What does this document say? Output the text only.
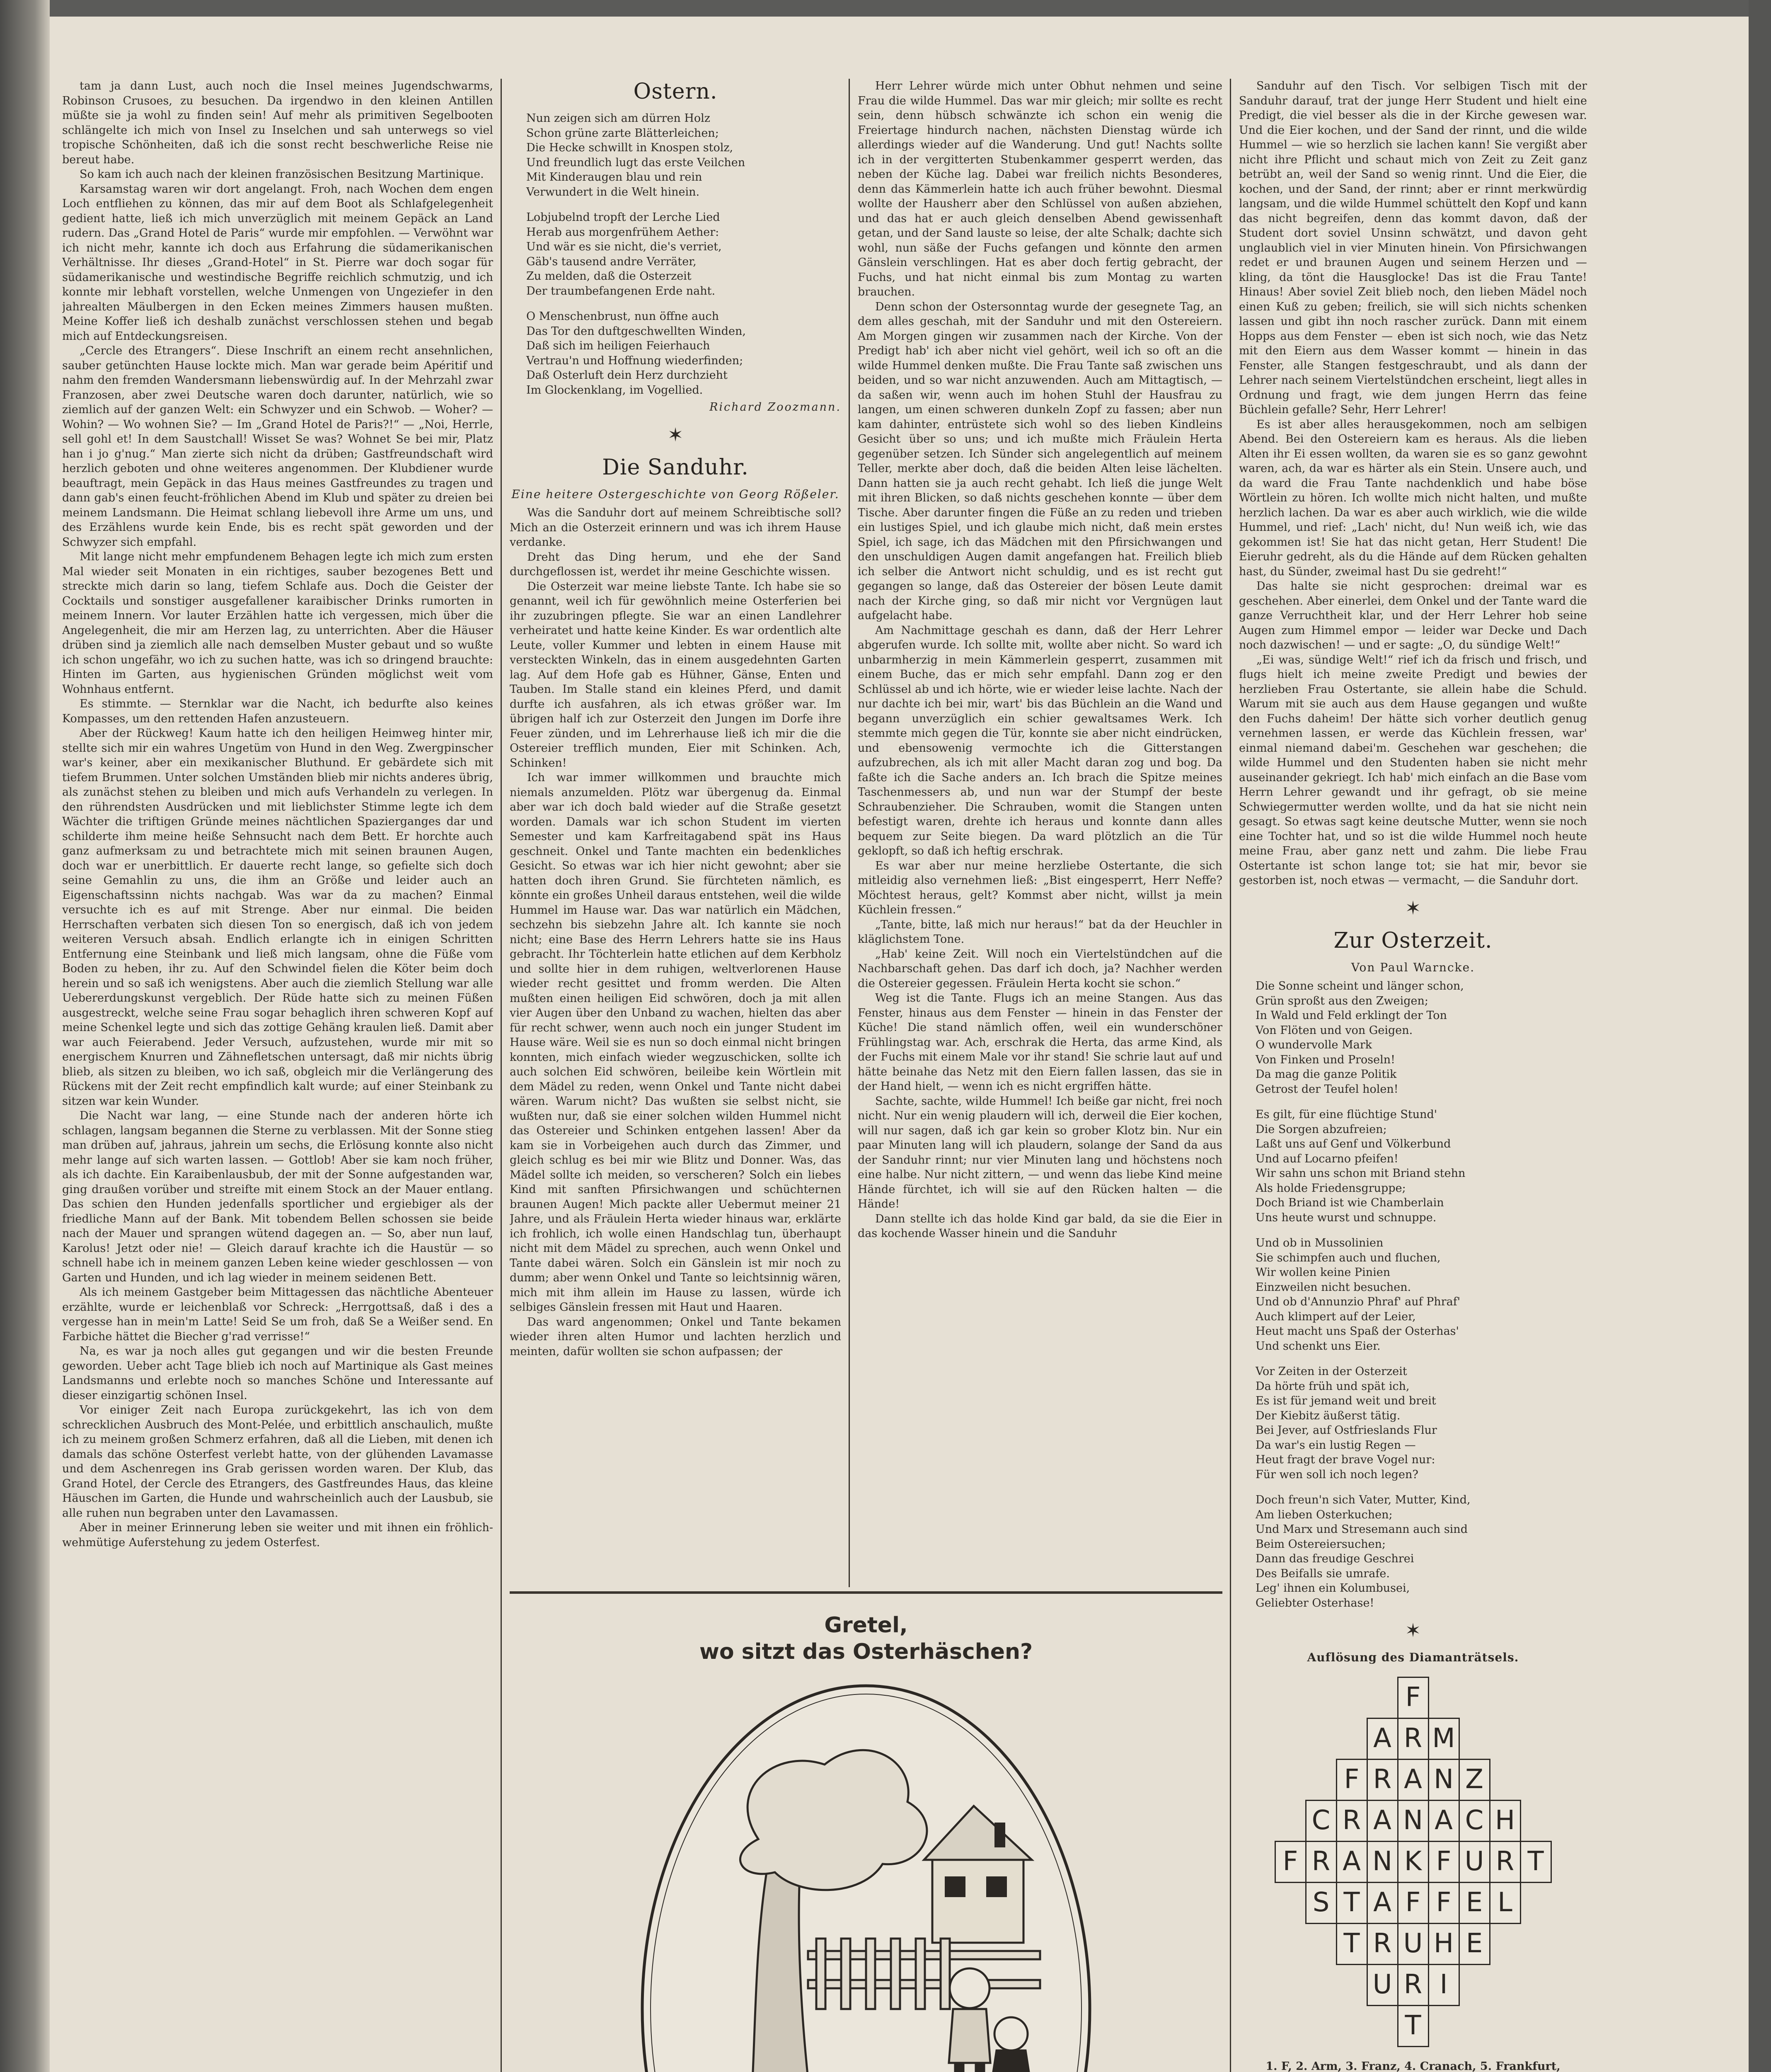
tam ja dann Lust, auch noch die Insel meines Jugendschwarms, Robinson Crusoes, zu besuchen. Da irgendwo in den kleinen Antillen müßte sie ja wohl zu finden sein! Auf mehr als primitiven Segelbooten schlängelte ich mich von Insel zu Inselchen und sah unterwegs so viel tropische Schönheiten, daß ich die sonst recht beschwerliche Reise nie bereut habe.

So kam ich auch nach der kleinen französischen Besitzung Martinique.

Karsamstag waren wir dort angelangt. Froh, nach Wochen dem engen Loch entfliehen zu können, das mir auf dem Boot als Schlafgelegenheit gedient hatte, ließ ich mich unverzüglich mit meinem Gepäck an Land rudern. Das „Grand Hotel de Paris“ wurde mir empfohlen. — Verwöhnt war ich nicht mehr, kannte ich doch aus Erfahrung die südamerikanischen Verhältnisse. Ihr dieses „Grand-Hotel“ in St. Pierre war doch sogar für südamerikanische und westindische Begriffe reichlich schmutzig, und ich konnte mir lebhaft vorstellen, welche Unmengen von Ungeziefer in den jahrealten Mäulbergen in den Ecken meines Zimmers hausen mußten. Meine Koffer ließ ich deshalb zunächst verschlossen stehen und begab mich auf Entdeckungsreisen.

„Cercle des Etrangers“. Diese Inschrift an einem recht ansehnlichen, sauber getünchten Hause lockte mich. Man war gerade beim Apéritif und nahm den fremden Wandersmann liebenswürdig auf. In der Mehrzahl zwar Franzosen, aber zwei Deutsche waren doch darunter, natürlich, wie so ziemlich auf der ganzen Welt: ein Schwyzer und ein Schwob. — Woher? —Wohin? — Wo wohnen Sie? — Im „Grand Hotel de Paris?!“ — „Noi, Herrle, sell gohl et! In dem Saustchall! Wisset Se was? Wohnet Se bei mir, Platz han i jo g'nug.“ Man zierte sich nicht da drüben; Gastfreundschaft wird herzlich geboten und ohne weiteres angenommen. Der Klubdiener wurde beauftragt, mein Gepäck in das Haus meines Gastfreundes zu tragen und dann gab's einen feucht-fröhlichen Abend im Klub und später zu dreien bei meinem Landsmann. Die Heimat schlang liebevoll ihre Arme um uns, und des Erzählens wurde kein Ende, bis es recht spät geworden und der Schwyzer sich empfahl.

Mit lange nicht mehr empfundenem Behagen legte ich mich zum ersten Mal wieder seit Monaten in ein richtiges, sauber bezogenes Bett und streckte mich darin so lang, tiefem Schlafe aus. Doch die Geister der Cocktails und sonstiger ausgefallener karaibischer Drinks rumorten in meinem Innern. Vor lauter Erzählen hatte ich vergessen, mich über die Angelegenheit, die mir am Herzen lag, zu unterrichten. Aber die Häuser drüben sind ja ziemlich alle nach demselben Muster gebaut und so wußte ich schon ungefähr, wo ich zu suchen hatte, was ich so dringend brauchte: Hinten im Garten, aus hygienischen Gründen möglichst weit vom Wohnhaus entfernt.

Es stimmte. — Sternklar war die Nacht, ich bedurfte also keines Kompasses, um den rettenden Hafen anzusteuern.

Aber der Rückweg! Kaum hatte ich den heiligen Heimweg hinter mir, stellte sich mir ein wahres Ungetüm von Hund in den Weg. Zwergpinscher war's keiner, aber ein mexikanischer Bluthund. Er gebärdete sich mit tiefem Brummen. Unter solchen Umständen blieb mir nichts anderes übrig, als zunächst stehen zu bleiben und mich aufs Verhandeln zu verlegen. In den rührendsten Ausdrücken und mit lieblichster Stimme legte ich dem Wächter die triftigen Gründe meines nächtlichen Spazierganges dar und schilderte ihm meine heiße Sehnsucht nach dem Bett. Er horchte auch ganz aufmerksam zu und betrachtete mich mit seinen braunen Augen, doch war er unerbittlich. Er dauerte recht lange, so gefielte sich doch seine Gemahlin zu uns, die ihm an Größe und leider auch an Eigenschaftssinn nichts nachgab. Was war da zu machen? Einmal versuchte ich es auf mit Strenge. Aber nur einmal. Die beiden Herrschaften verbaten sich diesen Ton so energisch, daß ich von jedem weiteren Versuch absah. Endlich erlangte ich in einigen Schritten Entfernung eine Steinbank und ließ mich langsam, ohne die Füße vom Boden zu heben, ihr zu. Auf den Schwindel fielen die Köter beim doch herein und so saß ich wenigstens. Aber auch die ziemlich Stellung war alle Uebererdungskunst vergeblich. Der Rüde hatte sich zu meinen Füßen ausgestreckt, welche seine Frau sogar behaglich ihren schweren Kopf auf meine Schenkel legte und sich das zottige Gehäng kraulen ließ. Damit aber war auch Feierabend. Jeder Versuch, aufzustehen, wurde mir mit so energischem Knurren und Zähnefletschen untersagt, daß mir nichts übrig blieb, als sitzen zu bleiben, wo ich saß, obgleich mir die Verlängerung des Rückens mit der Zeit recht empfindlich kalt wurde; auf einer Steinbank zu sitzen war kein Wunder.

Die Nacht war lang, — eine Stunde nach der anderen hörte ich schlagen, langsam begannen die Sterne zu verblassen. Mit der Sonne stieg man drüben auf, jahraus, jahrein um sechs, die Erlösung konnte also nicht mehr lange auf sich warten lassen. — Gottlob! Aber sie kam noch früher, als ich dachte. Ein Karaibenlausbub, der mit der Sonne aufgestanden war, ging draußen vorüber und streifte mit einem Stock an der Mauer entlang. Das schien den Hunden jedenfalls sportlicher und ergiebiger als der friedliche Mann auf der Bank. Mit tobendem Bellen schossen sie beide nach der Mauer und sprangen wütend dagegen an. — So, aber nun lauf, Karolus! Jetzt oder nie! — Gleich darauf krachte ich die Haustür — so schnell habe ich in meinem ganzen Leben keine wieder geschlossen — von Garten und Hunden, und ich lag wieder in meinem seidenen Bett.

Als ich meinem Gastgeber beim Mittagessen das nächtliche Abenteuer erzählte, wurde er leichenblaß vor Schreck: „Herrgottsaß, daß i des a vergesse han in mein'm Latte! Seid Se um froh, daß Se a Weißer send. En Farbiche hättet die Biecher g'rad verrisse!“

Na, es war ja noch alles gut gegangen und wir die besten Freunde geworden. Ueber acht Tage blieb ich noch auf Martinique als Gast meines Landsmanns und erlebte noch so manches Schöne und Interessante auf dieser einzigartig schönen Insel.

Vor einiger Zeit nach Europa zurückgekehrt, las ich von dem schrecklichen Ausbruch des Mont-Pelée, und erbittlich anschaulich, mußte ich zu meinem großen Schmerz erfahren, daß all die Lieben, mit denen ich damals das schöne Osterfest verlebt hatte, von der glühenden Lavamasse und dem Aschenregen ins Grab gerissen worden waren. Der Klub, das Grand Hotel, der Cercle des Etrangers, des Gastfreundes Haus, das kleine Häuschen im Garten, die Hunde und wahrscheinlich auch der Lausbub, sie alle ruhen nun begraben unter den Lavamassen.

Aber in meiner Erinnerung leben sie weiter und mit ihnen ein fröhlich-wehmütige Auferstehung zu jedem Osterfest.

Ostern.

Nun zeigen sich am dürren Holz

Schon grüne zarte Blätterleichen;

Die Hecke schwillt in Knospen stolz,

Und freundlich lugt das erste Veilchen

Mit Kinderaugen blau und rein

Verwundert in die Welt hinein.

Lobjubelnd tropft der Lerche Lied

Herab aus morgenfrühem Aether:

Und wär es sie nicht, die's verriet,

Gäb's tausend andre Verräter,

Zu melden, daß die Osterzeit

Der traumbefangenen Erde naht.

O Menschenbrust, nun öffne auch

Das Tor den duftgeschwellten Winden,

Daß sich im heiligen Feierhauch

Vertrau'n und Hoffnung wiederfinden;

Daß Osterluft dein Herz durchzieht

Im Glockenklang, im Vogellied.

Richard Zoozmann.
✶
Die Sanduhr.
Eine heitere Ostergeschichte von Georg Rößeler.

Was die Sanduhr dort auf meinem Schreibtische soll? Mich an die Osterzeit erinnern und was ich ihrem Hause verdanke.

Dreht das Ding herum, und ehe der Sand durchgeflossen ist, werdet ihr meine Geschichte wissen.

Die Osterzeit war meine liebste Tante. Ich habe sie so genannt, weil ich für gewöhnlich meine Osterferien bei ihr zuzubringen pflegte. Sie war an einen Landlehrer verheiratet und hatte keine Kinder. Es war ordentlich alte Leute, voller Kummer und lebten in einem Hause mit versteckten Winkeln, das in einem ausgedehnten Garten lag. Auf dem Hofe gab es Hühner, Gänse, Enten und Tauben. Im Stalle stand ein kleines Pferd, und damit durfte ich ausfahren, als ich etwas größer war. Im übrigen half ich zur Osterzeit den Jungen im Dorfe ihre Feuer zünden, und im Lehrerhause ließ ich mir die die Ostereier trefflich munden, Eier mit Schinken. Ach, Schinken!

Ich war immer willkommen und brauchte mich niemals anzumelden. Plötz war übergenug da. Einmal aber war ich doch bald wieder auf die Straße gesetzt worden. Damals war ich schon Student im vierten Semester und kam Karfreitagabend spät ins Haus geschneit. Onkel und Tante machten ein bedenkliches Gesicht. So etwas war ich hier nicht gewohnt; aber sie hatten doch ihren Grund. Sie fürchteten nämlich, es könnte ein großes Unheil daraus entstehen, weil die wilde Hummel im Hause war. Das war natürlich ein Mädchen, sechzehn bis siebzehn Jahre alt. Ich kannte sie noch nicht; eine Base des Herrn Lehrers hatte sie ins Haus gebracht. Ihr Töchterlein hatte etlichen auf dem Kerbholz und sollte hier in dem ruhigen, weltverlorenen Hause wieder recht gesittet und fromm werden. Die Alten mußten einen heiligen Eid schwören, doch ja mit allen vier Augen über den Unband zu wachen, hielten das aber für recht schwer, wenn auch noch ein junger Student im Hause wäre. Weil sie es nun so doch einmal nicht bringen konnten, mich einfach wieder wegzuschicken, sollte ich auch solchen Eid schwören, beileibe kein Wörtlein mit dem Mädel zu reden, wenn Onkel und Tante nicht dabei wären. Warum nicht? Das wußten sie selbst nicht, sie wußten nur, daß sie einer solchen wilden Hummel nicht das Ostereier und Schinken entgehen lassen! Aber da kam sie in Vorbeigehen auch durch das Zimmer, und gleich schlug es bei mir wie Blitz und Donner. Was, das Mädel sollte ich meiden, so verscheren? Solch ein liebes Kind mit sanften Pfirsichwangen und schüchternen braunen Augen! Mich packte aller Uebermut meiner 21 Jahre, und als Fräulein Herta wieder hinaus war, erklärte ich frohlich, ich wolle einen Handschlag tun, überhaupt nicht mit dem Mädel zu sprechen, auch wenn Onkel und Tante dabei wären. Solch ein Gänslein ist mir noch zu dumm; aber wenn Onkel und Tante so leichtsinnig wären, mich mit ihm allein im Hause zu lassen, würde ich selbiges Gänslein fressen mit Haut und Haaren.

Das ward angenommen; Onkel und Tante bekamen wieder ihren alten Humor und lachten herzlich und meinten, dafür wollten sie schon aufpassen; der

Herr Lehrer würde mich unter Obhut nehmen und seine Frau die wilde Hummel. Das war mir gleich; mir sollte es recht sein, denn hübsch schwänzte ich schon ein wenig die Freiertage hindurch nachen, nächsten Dienstag würde ich allerdings wieder auf die Wanderung. Und gut! Nachts sollte ich in der vergitterten Stubenkammer gesperrt werden, das neben der Küche lag. Dabei war freilich nichts Besonderes, denn das Kämmerlein hatte ich auch früher bewohnt. Diesmal wollte der Hausherr aber den Schlüssel von außen abziehen, und das hat er auch gleich denselben Abend gewissenhaft getan, und der Sand lauste so leise, der alte Schalk; dachte sich wohl, nun säße der Fuchs gefangen und könnte den armen Gänslein verschlingen. Hat es aber doch fertig gebracht, der Fuchs, und hat nicht einmal bis zum Montag zu warten brauchen.

Denn schon der Ostersonntag wurde der gesegnete Tag, an dem alles geschah, mit der Sanduhr und mit den Ostereiern. Am Morgen gingen wir zusammen nach der Kirche. Von der Predigt hab' ich aber nicht viel gehört, weil ich so oft an die wilde Hummel denken mußte. Die Frau Tante saß zwischen uns beiden, und so war nicht anzuwenden. Auch am Mittagtisch, — da saßen wir, wenn auch im hohen Stuhl der Hausfrau zu langen, um einen schweren dunkeln Zopf zu fassen; aber nun kam dahinter, entrüstete sich wohl so des lieben Kindleins Gesicht über so uns; und ich mußte mich Fräulein Herta gegenüber setzen. Ich Sünder sich angelegentlich auf meinem Teller, merkte aber doch, daß die beiden Alten leise lächelten. Dann hatten sie ja auch recht gehabt. Ich ließ die junge Welt mit ihren Blicken, so daß nichts geschehen konnte — über dem Tische. Aber darunter fingen die Füße an zu reden und trieben ein lustiges Spiel, und ich glaube mich nicht, daß mein erstes Spiel, ich sage, ich das Mädchen mit den Pfirsichwangen und den unschuldigen Augen damit angefangen hat. Freilich blieb ich selber die Antwort nicht schuldig, und es ist recht gut gegangen so lange, daß das Ostereier der bösen Leute damit nach der Kirche ging, so daß mir nicht vor Vergnügen laut aufgelacht habe.

Am Nachmittage geschah es dann, daß der Herr Lehrer abgerufen wurde. Ich sollte mit, wollte aber nicht. So ward ich unbarmherzig in mein Kämmerlein gesperrt, zusammen mit einem Buche, das er mich sehr empfahl. Dann zog er den Schlüssel ab und ich hörte, wie er wieder leise lachte. Nach der nur dachte ich bei mir, wart' bis das Büchlein an die Wand und begann unverzüglich ein schier gewaltsames Werk. Ich stemmte mich gegen die Tür, konnte sie aber nicht eindrücken, und ebensowenig vermochte ich die Gitterstangen aufzubrechen, als ich mit aller Macht daran zog und bog. Da faßte ich die Sache anders an. Ich brach die Spitze meines Taschenmessers ab, und nun war der Stumpf der beste Schraubenzieher. Die Schrauben, womit die Stangen unten befestigt waren, drehte ich heraus und konnte dann alles bequem zur Seite biegen. Da ward plötzlich an die Tür geklopft, so daß ich heftig erschrak.

Es war aber nur meine herzliebe Ostertante, die sich mitleidig also vernehmen ließ: „Bist eingesperrt, Herr Neffe? Möchtest heraus, gelt? Kommst aber nicht, willst ja mein Küchlein fressen.“

„Tante, bitte, laß mich nur heraus!“ bat da der Heuchler in kläglichstem Tone.

„Hab' keine Zeit. Will noch ein Viertelstündchen auf die Nachbarschaft gehen. Das darf ich doch, ja? Nachher werden die Ostereier gegessen. Fräulein Herta kocht sie schon.“

Weg ist die Tante. Flugs ich an meine Stangen. Aus das Fenster, hinaus aus dem Fenster — hinein in das Fenster der Küche! Die stand nämlich offen, weil ein wunderschöner Frühlingstag war. Ach, erschrak die Herta, das arme Kind, als der Fuchs mit einem Male vor ihr stand! Sie schrie laut auf und hätte beinahe das Netz mit den Eiern fallen lassen, das sie in der Hand hielt, — wenn ich es nicht ergriffen hätte.

Sachte, sachte, wilde Hummel! Ich beiße gar nicht, frei noch nicht. Nur ein wenig plaudern will ich, derweil die Eier kochen, will nur sagen, daß ich gar kein so grober Klotz bin. Nur ein paar Minuten lang will ich plaudern, solange der Sand da aus der Sanduhr rinnt; nur vier Minuten lang und höchstens noch eine halbe. Nur nicht zittern, — und wenn das liebe Kind meine Hände fürchtet, ich will sie auf den Rücken halten — die Hände!

Dann stellte ich das holde Kind gar bald, da sie die Eier in das kochende Wasser hinein und die Sanduhr

Gretel,
wo sitzt das Osterhäschen?

Sanduhr auf den Tisch. Vor selbigen Tisch mit der Sanduhr darauf, trat der junge Herr Student und hielt eine Predigt, die viel besser als die in der Kirche gewesen war. Und die Eier kochen, und der Sand der rinnt, und die wilde Hummel — wie so herzlich sie lachen kann! Sie vergißt aber nicht ihre Pflicht und schaut mich von Zeit zu Zeit ganz betrübt an, weil der Sand so wenig rinnt. Und die Eier, die kochen, und der Sand, der rinnt; aber er rinnt merkwürdig langsam, und die wilde Hummel schüttelt den Kopf und kann das nicht begreifen, denn das kommt davon, daß der Student dort soviel Unsinn schwätzt, und davon geht unglaublich viel in vier Minuten hinein. Von Pfirsichwangen redet er und braunen Augen und seinem Herzen und — kling, da tönt die Hausglocke! Das ist die Frau Tante! Hinaus! Aber soviel Zeit blieb noch, den lieben Mädel noch einen Kuß zu geben; freilich, sie will sich nichts schenken lassen und gibt ihn noch rascher zurück. Dann mit einem Hopps aus dem Fenster — eben ist sich noch, wie das Netz mit den Eiern aus dem Wasser kommt — hinein in das Fenster, alle Stangen festgeschraubt, und als dann der Lehrer nach seinem Viertelstündchen erscheint, liegt alles in Ordnung und fragt, wie dem jungen Herrn das feine Büchlein gefalle? Sehr, Herr Lehrer!

Es ist aber alles herausgekommen, noch am selbigen Abend. Bei den Ostereiern kam es heraus. Als die lieben Alten ihr Ei essen wollten, da waren sie es so ganz gewohnt waren, ach, da war es härter als ein Stein. Unsere auch, und da ward die Frau Tante nachdenklich und habe böse Wörtlein zu hören. Ich wollte mich nicht halten, und mußte herzlich lachen. Da war es aber auch wirklich, wie die wilde Hummel, und rief: „Lach' nicht, du! Nun weiß ich, wie das gekommen ist! Sie hat das nicht getan, Herr Student! Die Eieruhr gedreht, als du die Hände auf dem Rücken gehalten hast, du Sünder, zweimal hast Du sie gedreht!“

Das halte sie nicht gesprochen: dreimal war es geschehen. Aber einerlei, dem Onkel und der Tante ward die ganze Verruchtheit klar, und der Herr Lehrer hob seine Augen zum Himmel empor — leider war Decke und Dach noch dazwischen! — und er sagte: „O, du sündige Welt!“

„Ei was, sündige Welt!“ rief ich da frisch und frisch, und flugs hielt ich meine zweite Predigt und bewies der herzlieben Frau Ostertante, sie allein habe die Schuld. Warum mit sie auch aus dem Hause gegangen und wußte den Fuchs daheim! Der hätte sich vorher deutlich genug vernehmen lassen, er werde das Küchlein fressen, war' einmal niemand dabei'm. Geschehen war geschehen; die wilde Hummel und den Studenten haben sie nicht mehr auseinander gekriegt. Ich hab' mich einfach an die Base vom Herrn Lehrer gewandt und ihr gefragt, ob sie meine Schwiegermutter werden wollte, und da hat sie nicht nein gesagt. So etwas sagt keine deutsche Mutter, wenn sie noch eine Tochter hat, und so ist die wilde Hummel noch heute meine Frau, aber ganz nett und zahm. Die liebe Frau Ostertante ist schon lange tot; sie hat mir, bevor sie gestorben ist, noch etwas — vermacht, — die Sanduhr dort.

✶
Zur Osterzeit.
Von Paul Warncke.

Die Sonne scheint und länger schon,

Grün sproßt aus den Zweigen;

In Wald und Feld erklingt der Ton

Von Flöten und von Geigen.

O wundervolle Mark

Von Finken und Proseln!

Da mag die ganze Politik

Getrost der Teufel holen!

Es gilt, für eine flüchtige Stund'

Die Sorgen abzufreien;

Laßt uns auf Genf und Völkerbund

Und auf Locarno pfeifen!

Wir sahn uns schon mit Briand stehn

Als holde Friedensgruppe;

Doch Briand ist wie Chamberlain

Uns heute wurst und schnuppe.

Und ob in Mussolinien

Sie schimpfen auch und fluchen,

Wir wollen keine Pinien

Einzweilen nicht besuchen.

Und ob d'Annunzio Phraf' auf Phraf'

Auch klimpert auf der Leier,

Heut macht uns Spaß der Osterhas'

Und schenkt uns Eier.

Vor Zeiten in der Osterzeit

Da hörte früh und spät ich,

Es ist für jemand weit und breit

Der Kiebitz äußerst tätig.

Bei Jever, auf Ostfrieslands Flur

Da war's ein lustig Regen —

Heut fragt der brave Vogel nur:

Für wen soll ich noch legen?

Doch freun'n sich Vater, Mutter, Kind,

Am lieben Osterkuchen;

Und Marx und Stresemann auch sind

Beim Ostereiersuchen;

Dann das freudige Geschrei

Des Beifalls sie umrafe.

Leg' ihnen ein Kolumbusei,

Geliebter Osterhase!

✶
Auflösung des Diamanträtsels.
F
A R M
F R A N Z
C R A N A C H
F R A N K F U R T
S T A F F E L
T R U H E
U R I
T
1. F, 2. Arm, 3. Franz, 4. Cranach, 5. Frankfurt,
